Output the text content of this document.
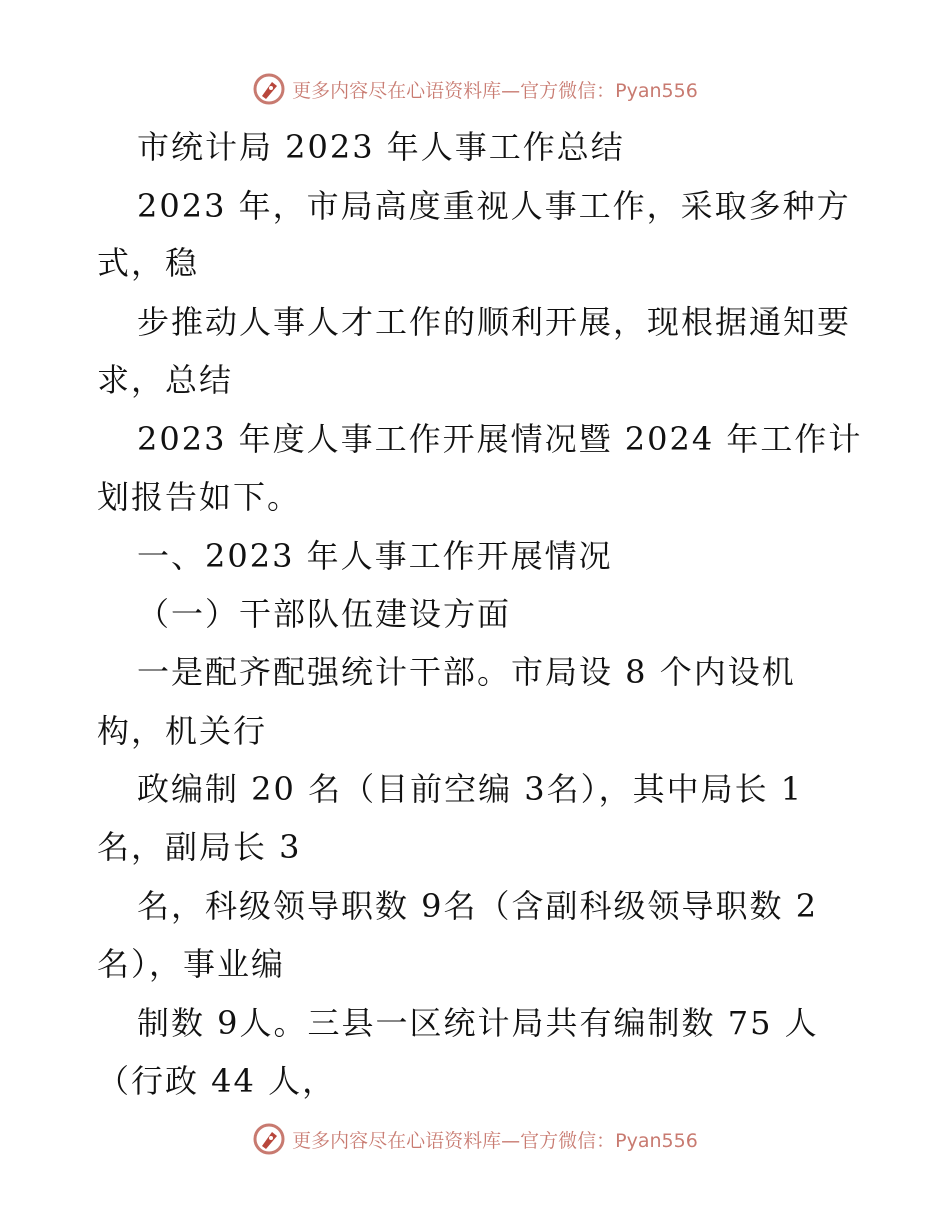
更多内容尽在心语资料库—官方微信：Pyan556
市统计局 2023 年人事工作总结
2023 年，市局高度重视人事工作，采取多种方
式，稳
步推动人事人才工作的顺利开展，现根据通知要
求，总结
2023 年度人事工作开展情况暨 2024 年工作计
划报告如下。
一、2023 年人事工作开展情况
（一）干部队伍建设方面
一是配齐配强统计干部。市局设 8 个内设机
构，机关行
政编制 20 名（目前空编 3名），其中局长 1
名，副局长 3
名，科级领导职数 9名（含副科级领导职数 2
名），事业编
制数 9人。三县一区统计局共有编制数 75 人
（行政 44 人，
更多内容尽在心语资料库—官方微信：Pyan556
